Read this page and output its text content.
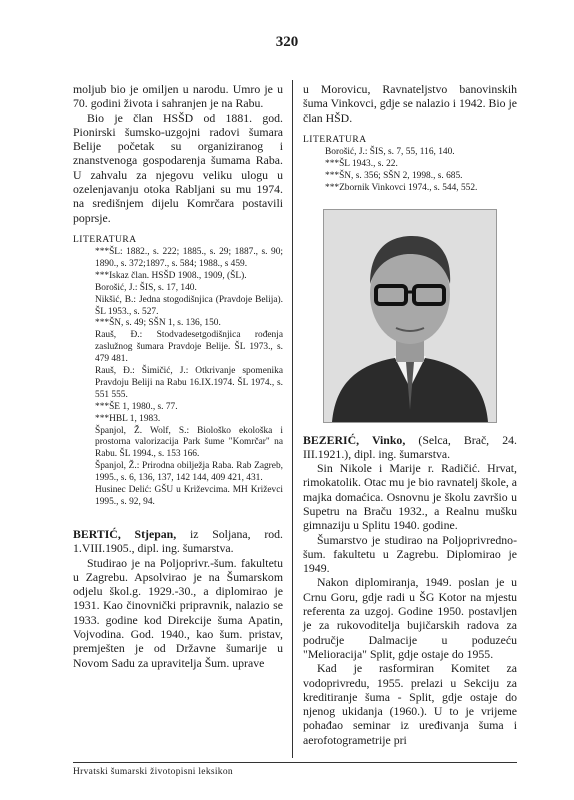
320

moljub bio je omiljen u narodu. Umro je u 70. godini života i sahranjen je na Rabu.

Bio je član HSŠD od 1881. god. Pionirski šumsko-uzgojni radovi šumara Belije početak su organiziranog i znanstvenoga gospodarenja šumama Raba. U zahvalu za njegovu veliku ulogu u ozelenjavanju otoka Rabljani su mu 1974. na središnjem dijelu Komrčara postavili poprsje.

LITERATURA

***ŠL: 1882., s. 222; 1885., s. 29; 1887., s. 90; 1890., s. 372;1897., s. 584; 1988., s 459.

***Iskaz član. HSŠD 1908., 1909, (ŠL).

Borošić, J.: ŠIS, s. 17, 140.

Nikšić, B.: Jedna stogodišnjica (Pravdoje Belija). ŠL 1953., s. 527.

***ŠN, s. 49; SŠN 1, s. 136, 150.

Rauš, Đ.: Stodvadesetgodišnjica rođenja zaslužnog šumara Pravdoje Belije. ŠL 1973., s. 479 481.

Rauš, Đ.: Šimičić, J.: Otkrivanje spomenika Pravdoju Beliji na Rabu 16.IX.1974. ŠL 1974., s. 551 555.

***ŠE 1, 1980., s. 77.

***HBL 1, 1983.

Španjol, Ž. Wolf, S.: Biološko ekološka i prostorna valorizacija Park šume "Komrčar" na Rabu. ŠL 1994., s. 153 166.

Španjol, Ž.: Prirodna obilježja Raba. Rab Zagreb, 1995., s. 6, 136, 137, 142 144, 409 421, 431.

Husinec Delić: GŠU u Križevcima. MH Križevci 1995., s. 92, 94.

BERTIĆ, Stjepan, iz Soljana, rod. 1.VIII.1905., dipl. ing. šumarstva.

Studirao je na Poljoprivr.-šum. fakultetu u Zagrebu. Apsolvirao je na Šumarskom odjelu škol.g. 1929.-30., a diplomirao je 1931. Kao činovnički pripravnik, nalazio se 1933. godine kod Direkcije šuma Apatin, Vojvodina. God. 1940., kao šum. pristav, premješten je od Državne šumarije u Novom Sadu za upravitelja Šum. uprave

u Morovicu, Ravnateljstvo banovinskih šuma Vinkovci, gdje se nalazio i 1942. Bio je član HŠD.

LITERATURA

Borošić, J.: ŠIS, s. 7, 55, 116, 140.

***ŠL 1943., s. 22.

***ŠN, s. 356; SŠN 2, 1998., s. 685.

***Zbornik Vinkovci 1974., s. 544, 552.

BEZERIĆ, Vinko, (Selca, Brač, 24. III.1921.), dipl. ing. šumarstva.

Sin Nikole i Marije r. Radičić. Hrvat, rimokatolik. Otac mu je bio ravnatelj škole, a majka domaćica. Osnovnu je školu završio u Supetru na Braču 1932., a Realnu mušku gimnaziju u Splitu 1940. godine.

Šumarstvo je studirao na Poljoprivredno-šum. fakultetu u Zagrebu. Diplomirao je 1949.

Nakon diplomiranja, 1949. poslan je u Crnu Goru, gdje radi u ŠG Kotor na mjestu referenta za uzgoj. Godine 1950. postavljen je za rukovoditelja bujičarskih radova za područje Dalmacije u poduzeću "Melioracija" Split, gdje ostaje do 1955.

Kad je rasformiran Komitet za vodoprivredu, 1955. prelazi u Sekciju za kreditiranje šuma - Split, gdje ostaje do njenog ukidanja (1960.). U to je vrijeme pohađao seminar iz uređivanja šuma i aerofotogrametrije pri

Hrvatski šumarski životopisni leksikon
